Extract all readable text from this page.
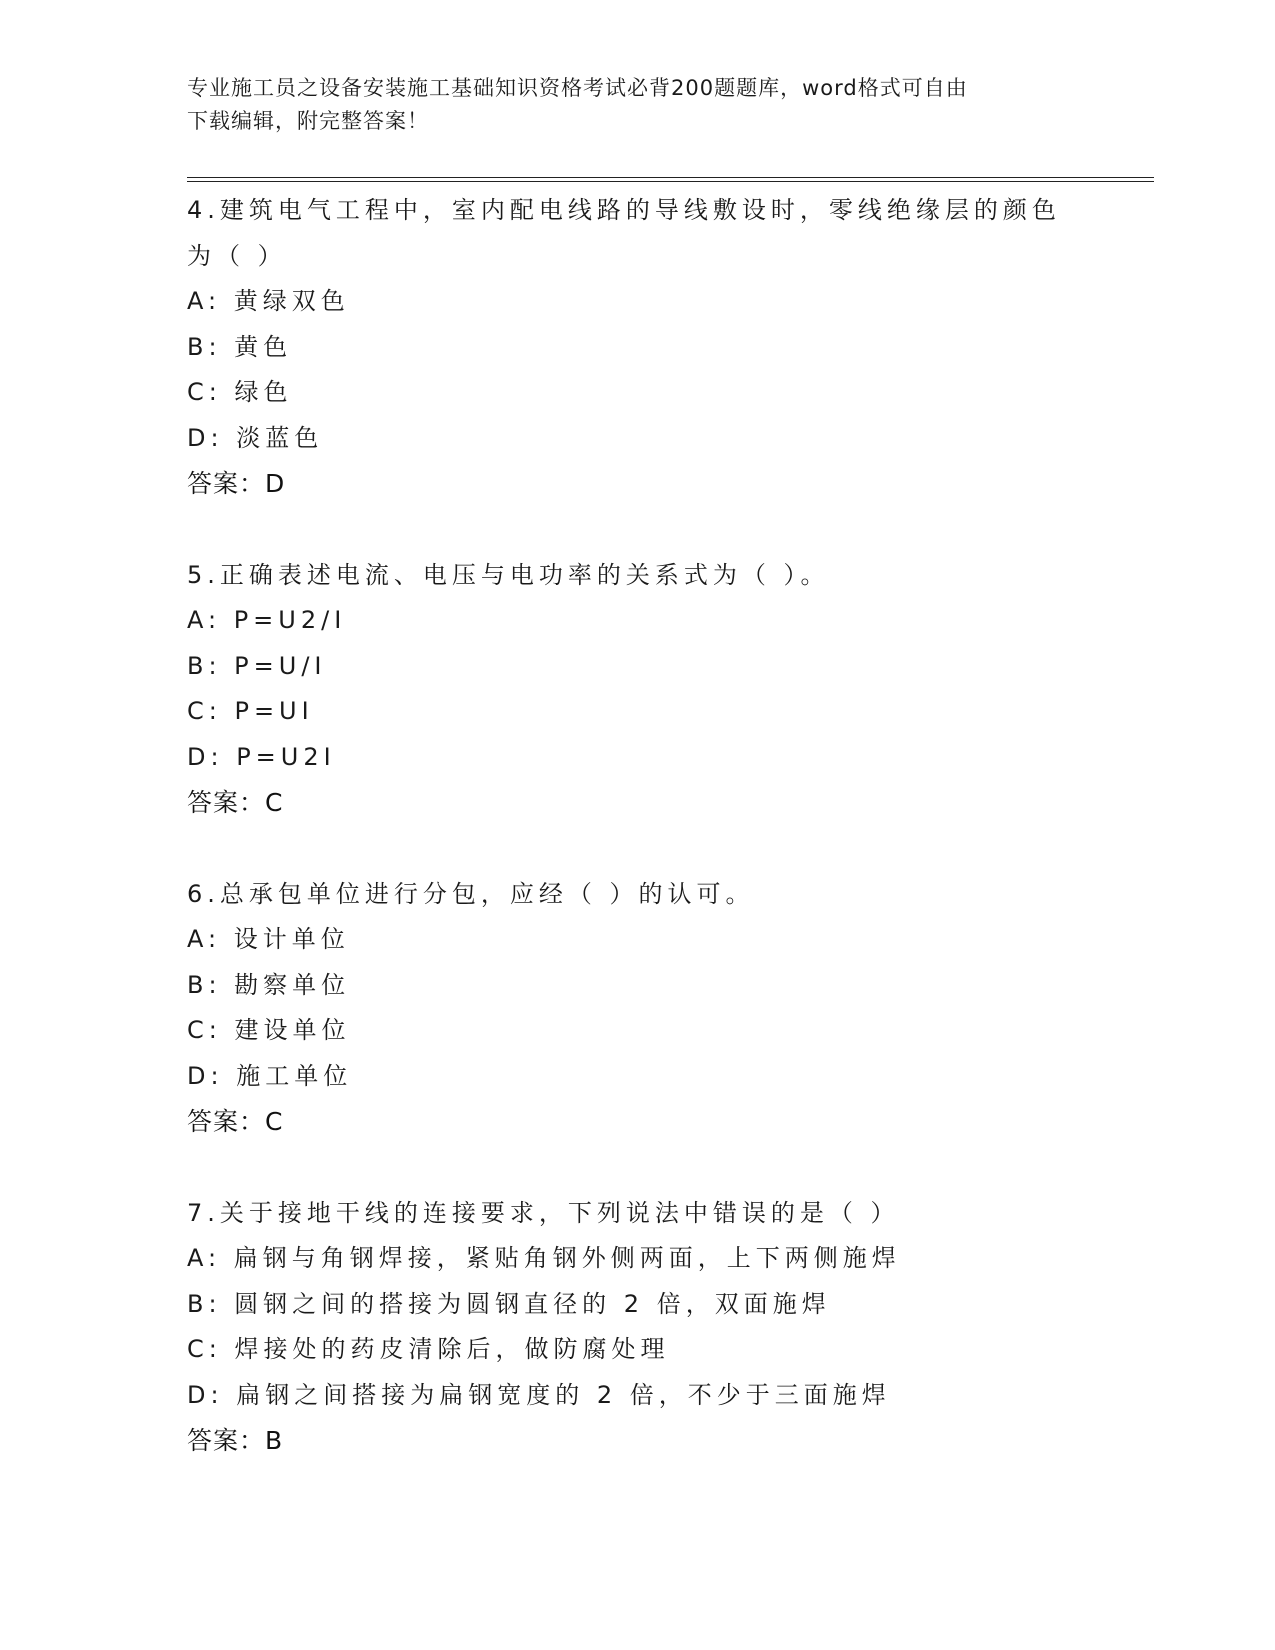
专业施工员之设备安装施工基础知识资格考试必背200题题库，word格式可自由
下载编辑，附完整答案！
4.建筑电气工程中，室内配电线路的导线敷设时，零线绝缘层的颜色为（ ）
A: 黄绿双色
B: 黄色
C: 绿色
D: 淡蓝色
答案：D
5.正确表述电流、电压与电功率的关系式为（ ）。
A: P=U2/I
B: P=U/I
C: P=UI
D: P=U2I
答案：C
6.总承包单位进行分包，应经（ ）的认可。
A: 设计单位
B: 勘察单位
C: 建设单位
D: 施工单位
答案：C
7.关于接地干线的连接要求，下列说法中错误的是（ ）
A: 扁钢与角钢焊接，紧贴角钢外侧两面，上下两侧施焊
B: 圆钢之间的搭接为圆钢直径的 2 倍，双面施焊
C: 焊接处的药皮清除后，做防腐处理
D: 扁钢之间搭接为扁钢宽度的 2 倍，不少于三面施焊
答案：B
